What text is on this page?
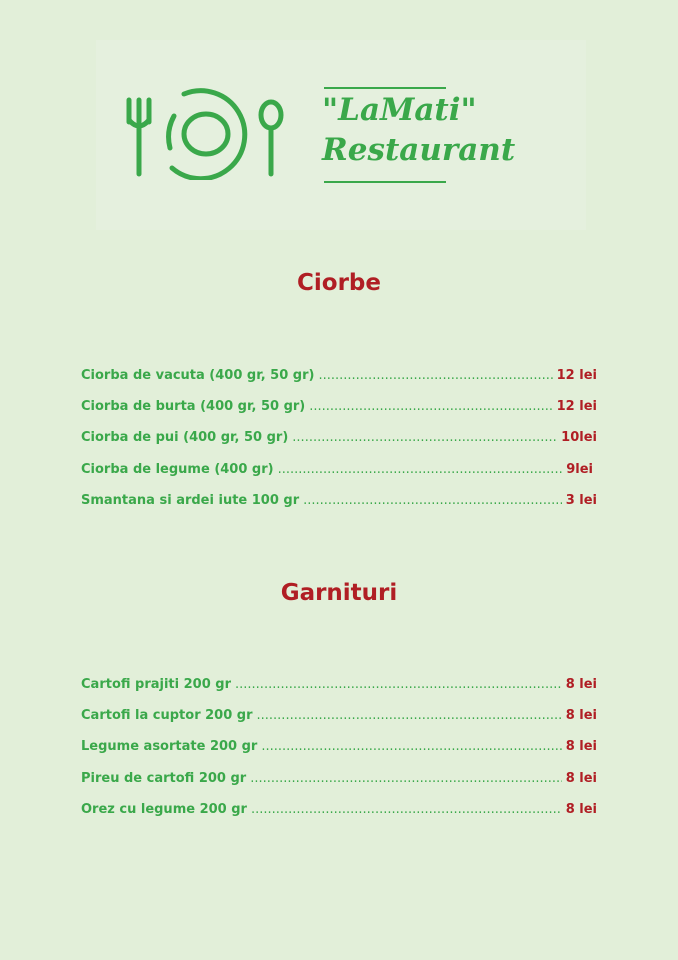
"LaMati"
Restaurant
Ciorbe
Ciorba de vacuta (400 gr, 50 gr) .....	12 lei
Ciorba de burta (400 gr, 50 gr) .....	12 lei
Ciorba de pui (400 gr, 50 gr) .....	10lei
Ciorba de legume (400 gr) .....	9lei
Smantana si ardei iute 100 gr .....	3 lei
Garnituri
Cartofi prajiti 200 gr .....	8 lei
Cartofi la cuptor 200 gr .....	8 lei
Legume asortate 200 gr .....	8 lei
Pireu de cartofi 200 gr .....	8 lei
Orez cu legume 200 gr .....	8 lei
